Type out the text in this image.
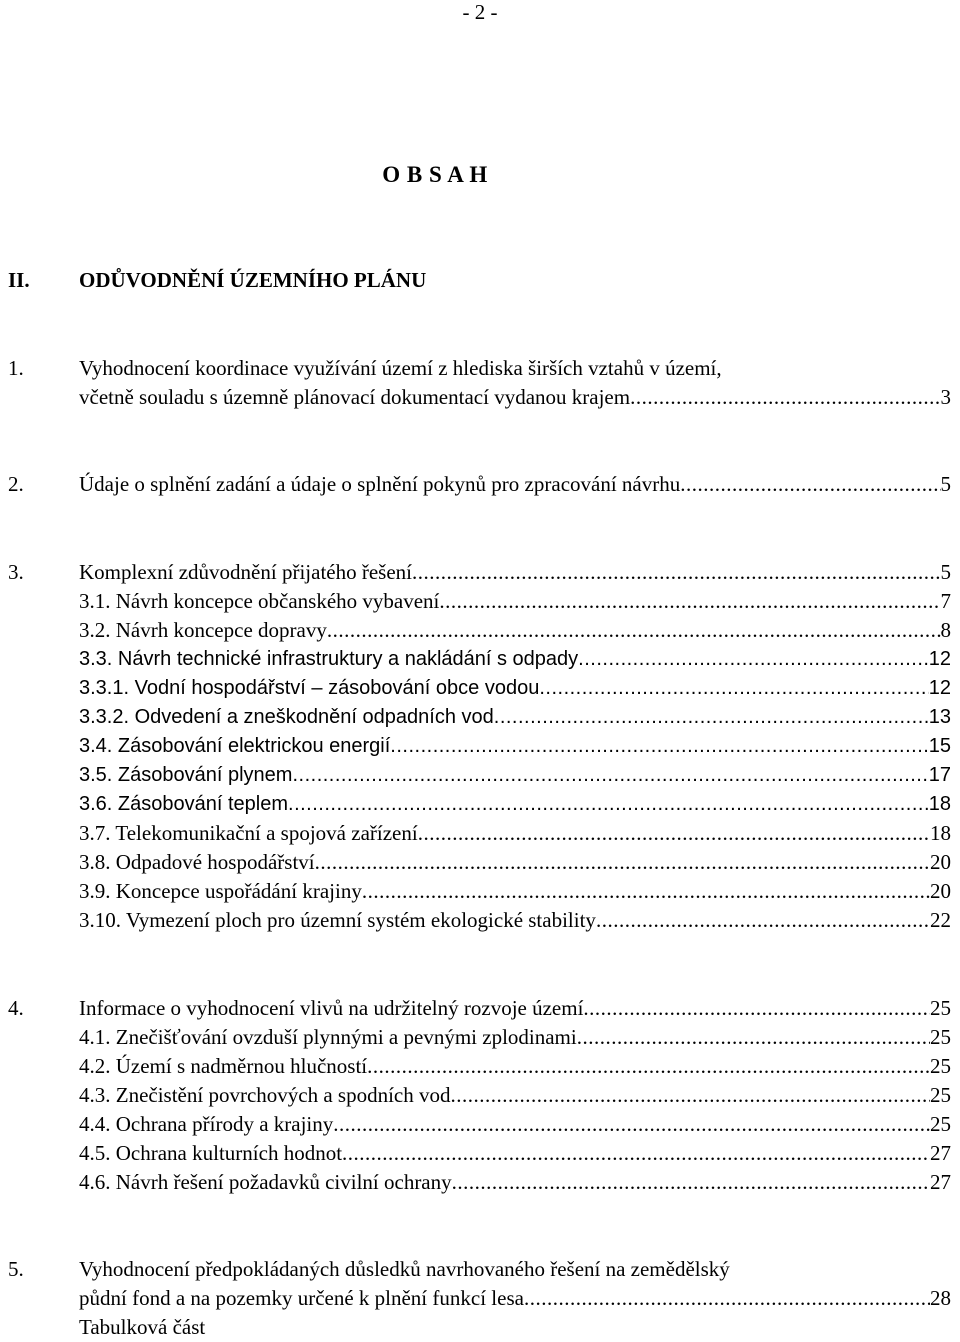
- 2 -
O B S A H
II. ODŮVODNĚNÍ ÚZEMNÍHO PLÁNU
1.	Vyhodnocení koordinace využívání území z hlediska širších vztahů v území,
včetně souladu s územně plánovací dokumentací vydanou krajem .....	3
2.	Údaje o splnění zadání a údaje o splnění pokynů pro zpracování návrhu .....	5
3.	Komplexní zdůvodnění přijatého řešení .....	5
3.1. Návrh koncepce občanského vybavení .....	7
3.2. Návrh koncepce dopravy .....	8
3.3. Návrh technické infrastruktury a nakládání s odpady .....	12
3.3.1. Vodní hospodářství – zásobování obce vodou .....	12
3.3.2. Odvedení a zneškodnění odpadních vod .....	13
3.4. Zásobování elektrickou energií .....	15
3.5. Zásobování plynem .....	17
3.6. Zásobování teplem .....	18
3.7. Telekomunikační a spojová zařízení .....	18
3.8. Odpadové hospodářství .....	20
3.9. Koncepce uspořádání krajiny .....	20
3.10. Vymezení ploch pro územní systém ekologické stability .....	22
4.	Informace o vyhodnocení vlivů na udržitelný rozvoje území .....	25
4.1. Znečišťování ovzduší plynnými a pevnými zplodinami .....	25
4.2. Území s nadměrnou hlučností .....	25
4.3. Znečistění povrchových a spodních vod .....	25
4.4. Ochrana přírody a krajiny .....	25
4.5. Ochrana kulturních hodnot .....	27
4.6. Návrh řešení požadavků civilní ochrany .....	27
5.	Vyhodnocení předpokládaných důsledků navrhovaného řešení na zemědělský
půdní fond a na pozemky určené k plnění funkcí lesa .....	28
Tabulková část
